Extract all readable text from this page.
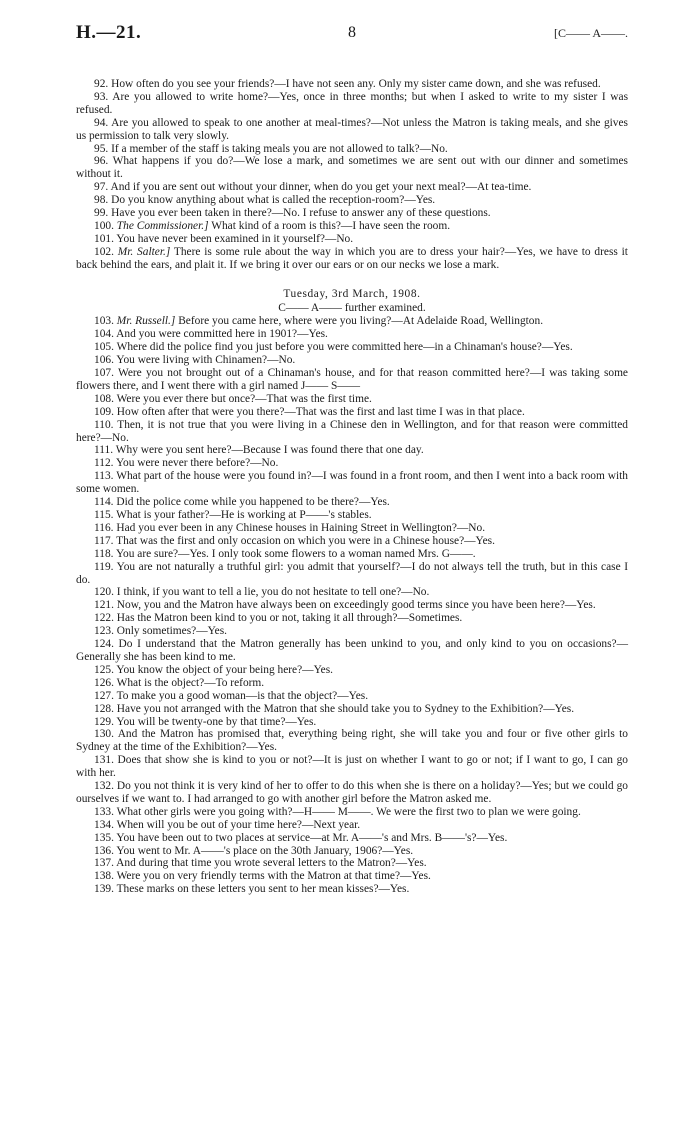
H.—21.	8	[C—— A——.

92. How often do you see your friends?—I have not seen any. Only my sister came down, and she was refused.

93. Are you allowed to write home?—Yes, once in three months; but when I asked to write to my sister I was refused.

94. Are you allowed to speak to one another at meal-times?—Not unless the Matron is taking meals, and she gives us permission to talk very slowly.

95. If a member of the staff is taking meals you are not allowed to talk?—No.

96. What happens if you do?—We lose a mark, and sometimes we are sent out with our dinner and sometimes without it.

97. And if you are sent out without your dinner, when do you get your next meal?—At tea-time.

98. Do you know anything about what is called the reception-room?—Yes.

99. Have you ever been taken in there?—No. I refuse to answer any of these questions.

100. The Commissioner.] What kind of a room is this?—I have seen the room.

101. You have never been examined in it yourself?—No.

102. Mr. Salter.] There is some rule about the way in which you are to dress your hair?—Yes, we have to dress it back behind the ears, and plait it. If we bring it over our ears or on our necks we lose a mark.

Tuesday, 3rd March, 1908.
C—— A—— further examined.

103. Mr. Russell.] Before you came here, where were you living?—At Adelaide Road, Wellington.

104. And you were committed here in 1901?—Yes.

105. Where did the police find you just before you were committed here—in a Chinaman's house?—Yes.

106. You were living with Chinamen?—No.

107. Were you not brought out of a Chinaman's house, and for that reason committed here?—I was taking some flowers there, and I went there with a girl named J—— S——

108. Were you ever there but once?—That was the first time.

109. How often after that were you there?—That was the first and last time I was in that place.

110. Then, it is not true that you were living in a Chinese den in Wellington, and for that reason were committed here?—No.

111. Why were you sent here?—Because I was found there that one day.

112. You were never there before?—No.

113. What part of the house were you found in?—I was found in a front room, and then I went into a back room with some women.

114. Did the police come while you happened to be there?—Yes.

115. What is your father?—He is working at P——'s stables.

116. Had you ever been in any Chinese houses in Haining Street in Wellington?—No.

117. That was the first and only occasion on which you were in a Chinese house?—Yes.

118. You are sure?—Yes. I only took some flowers to a woman named Mrs. G——.

119. You are not naturally a truthful girl: you admit that yourself?—I do not always tell the truth, but in this case I do.

120. I think, if you want to tell a lie, you do not hesitate to tell one?—No.

121. Now, you and the Matron have always been on exceedingly good terms since you have been here?—Yes.

122. Has the Matron been kind to you or not, taking it all through?—Sometimes.

123. Only sometimes?—Yes.

124. Do I understand that the Matron generally has been unkind to you, and only kind to you on occasions?—Generally she has been kind to me.

125. You know the object of your being here?—Yes.

126. What is the object?—To reform.

127. To make you a good woman—is that the object?—Yes.

128. Have you not arranged with the Matron that she should take you to Sydney to the Exhibition?—Yes.

129. You will be twenty-one by that time?—Yes.

130. And the Matron has promised that, everything being right, she will take you and four or five other girls to Sydney at the time of the Exhibition?—Yes.

131. Does that show she is kind to you or not?—It is just on whether I want to go or not; if I want to go, I can go with her.

132. Do you not think it is very kind of her to offer to do this when she is there on a holiday?—Yes; but we could go ourselves if we want to. I had arranged to go with another girl before the Matron asked me.

133. What other girls were you going with?—H—— M——. We were the first two to plan we were going.

134. When will you be out of your time here?—Next year.

135. You have been out to two places at service—at Mr. A——'s and Mrs. B——'s?—Yes.

136. You went to Mr. A——'s place on the 30th January, 1906?—Yes.

137. And during that time you wrote several letters to the Matron?—Yes.

138. Were you on very friendly terms with the Matron at that time?—Yes.

139. These marks on these letters you sent to her mean kisses?—Yes.
